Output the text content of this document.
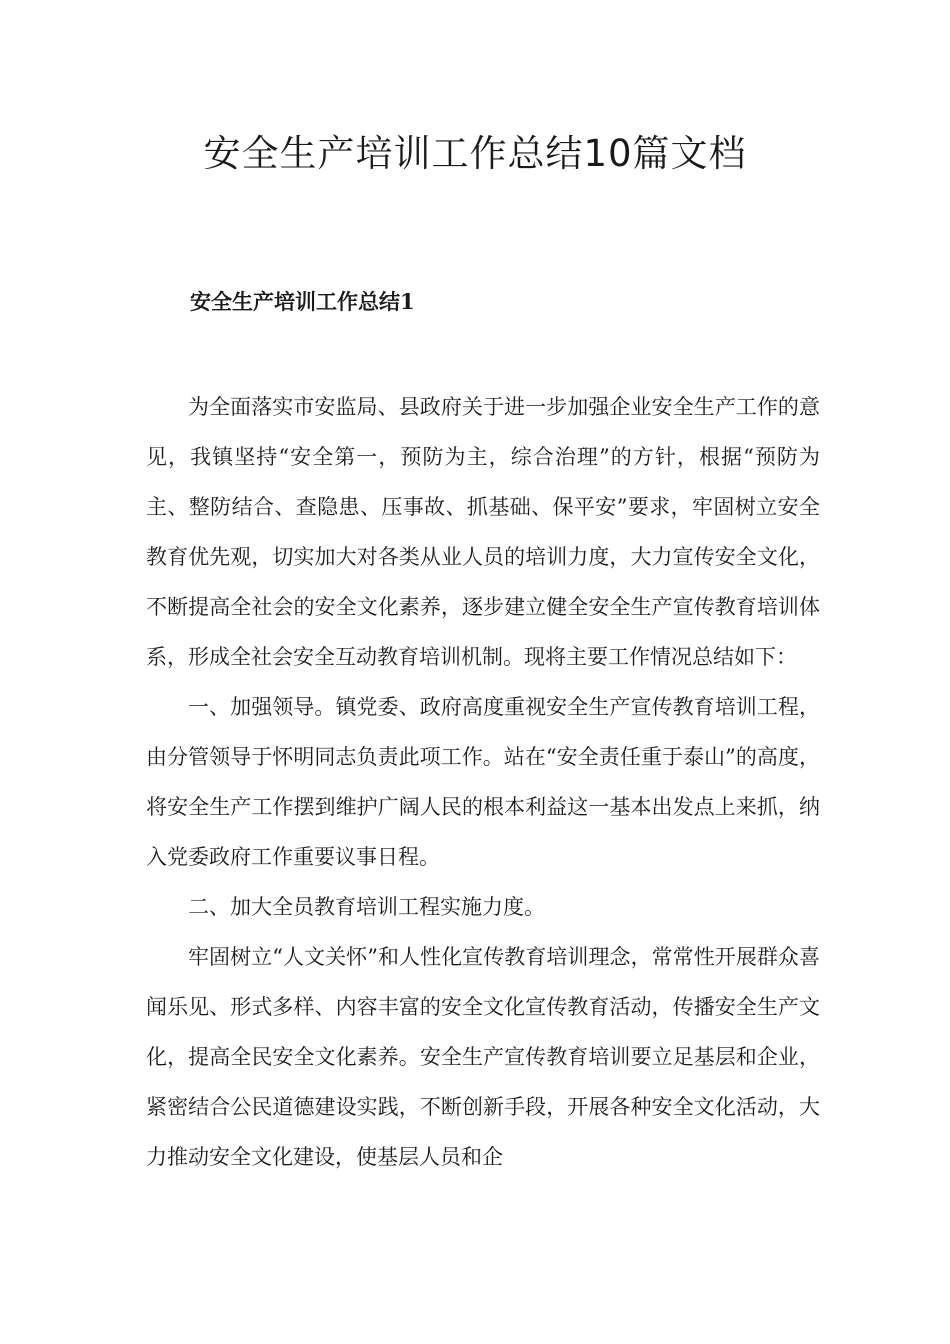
安全生产培训工作总结10篇文档
安全生产培训工作总结1

为全面落实市安监局、县政府关于进一步加强企业安全生产工作的意见，我镇坚持“安全第一，预防为主，综合治理”的方针，根据“预防为主、整防结合、查隐患、压事故、抓基础、保平安”要求，牢固树立安全教育优先观，切实加大对各类从业人员的培训力度，大力宣传安全文化，不断提高全社会的安全文化素养，逐步建立健全安全生产宣传教育培训体系，形成全社会安全互动教育培训机制。现将主要工作情况总结如下：

一、加强领导。镇党委、政府高度重视安全生产宣传教育培训工程，由分管领导于怀明同志负责此项工作。站在“安全责任重于泰山”的高度，将安全生产工作摆到维护广阔人民的根本利益这一基本出发点上来抓，纳入党委政府工作重要议事日程。

二、加大全员教育培训工程实施力度。

牢固树立“人文关怀”和人性化宣传教育培训理念，常常性开展群众喜闻乐见、形式多样、内容丰富的安全文化宣传教育活动，传播安全生产文化，提高全民安全文化素养。安全生产宣传教育培训要立足基层和企业，紧密结合公民道德建设实践，不断创新手段，开展各种安全文化活动，大力推动安全文化建设，使基层人员和企
